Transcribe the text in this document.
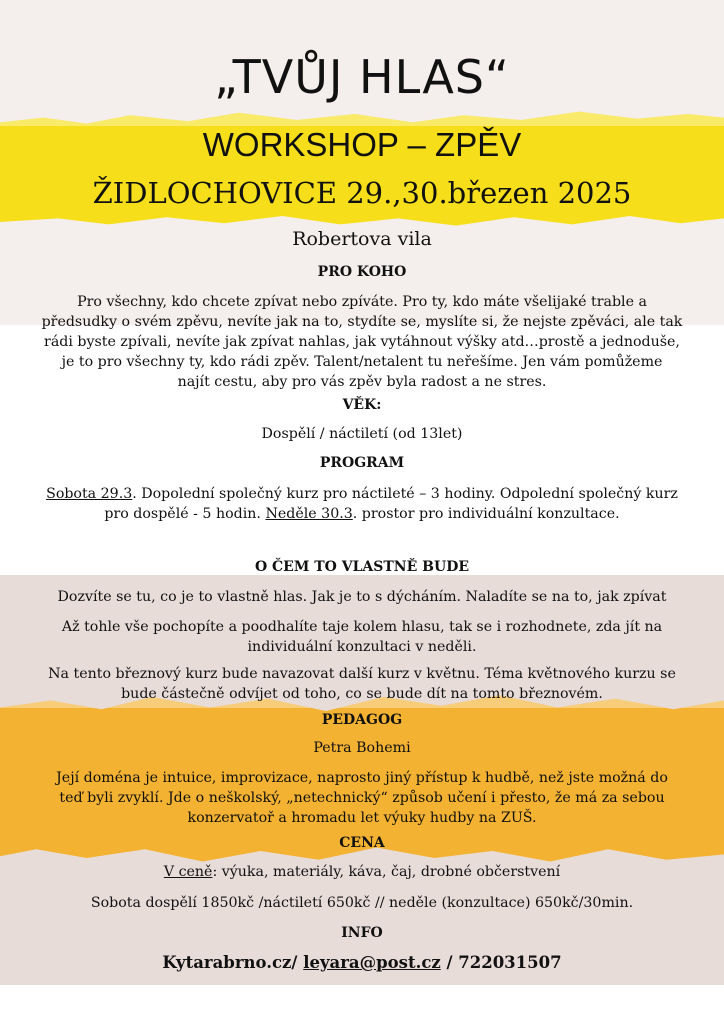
„TVŮJ HLAS“
WORKSHOP – ZPĚV
ŽIDLOCHOVICE 29.,30.březen 2025
Robertova vila
PRO KOHO
Pro všechny, kdo chcete zpívat nebo zpíváte. Pro ty, kdo máte všelijaké trable a
předsudky o svém zpěvu, nevíte jak na to, stydíte se, myslíte si, že nejste zpěváci, ale tak
rádi byste zpívali, nevíte jak zpívat nahlas, jak vytáhnout výšky atd…prostě a jednoduše,
je to pro všechny ty, kdo rádi zpěv. Talent/netalent tu neřešíme. Jen vám pomůžeme
najít cestu, aby pro vás zpěv byla radost a ne stres.
VĚK:
Dospělí / náctiletí (od 13let)
PROGRAM
Sobota 29.3. Dopolední společný kurz pro náctileté – 3 hodiny. Odpolední společný kurz
pro dospělé - 5 hodin. Neděle 30.3. prostor pro individuální konzultace.
O ČEM TO VLASTNĚ BUDE
Dozvíte se tu, co je to vlastně hlas. Jak je to s dýcháním. Naladíte se na to, jak zpívat
Až tohle vše pochopíte a poodhalíte taje kolem hlasu, tak se i rozhodnete, zda jít na
individuální konzultaci v neděli.
Na tento březnový kurz bude navazovat další kurz v květnu. Téma květnového kurzu se
bude částečně odvíjet od toho, co se bude dít na tomto březnovém.
PEDAGOG
Petra Bohemi
Její doména je intuice, improvizace, naprosto jiný přístup k hudbě, než jste možná do
teď byli zvyklí. Jde o neškolský, „netechnický“ způsob učení i přesto, že má za sebou
konzervatoř a hromadu let výuky hudby na ZUŠ.
CENA
V ceně: výuka, materiály, káva, čaj, drobné občerstvení
Sobota dospělí 1850kč /náctiletí 650kč // neděle (konzultace) 650kč/30min.
INFO
Kytarabrno.cz/ leyara@post.cz / 722031507
